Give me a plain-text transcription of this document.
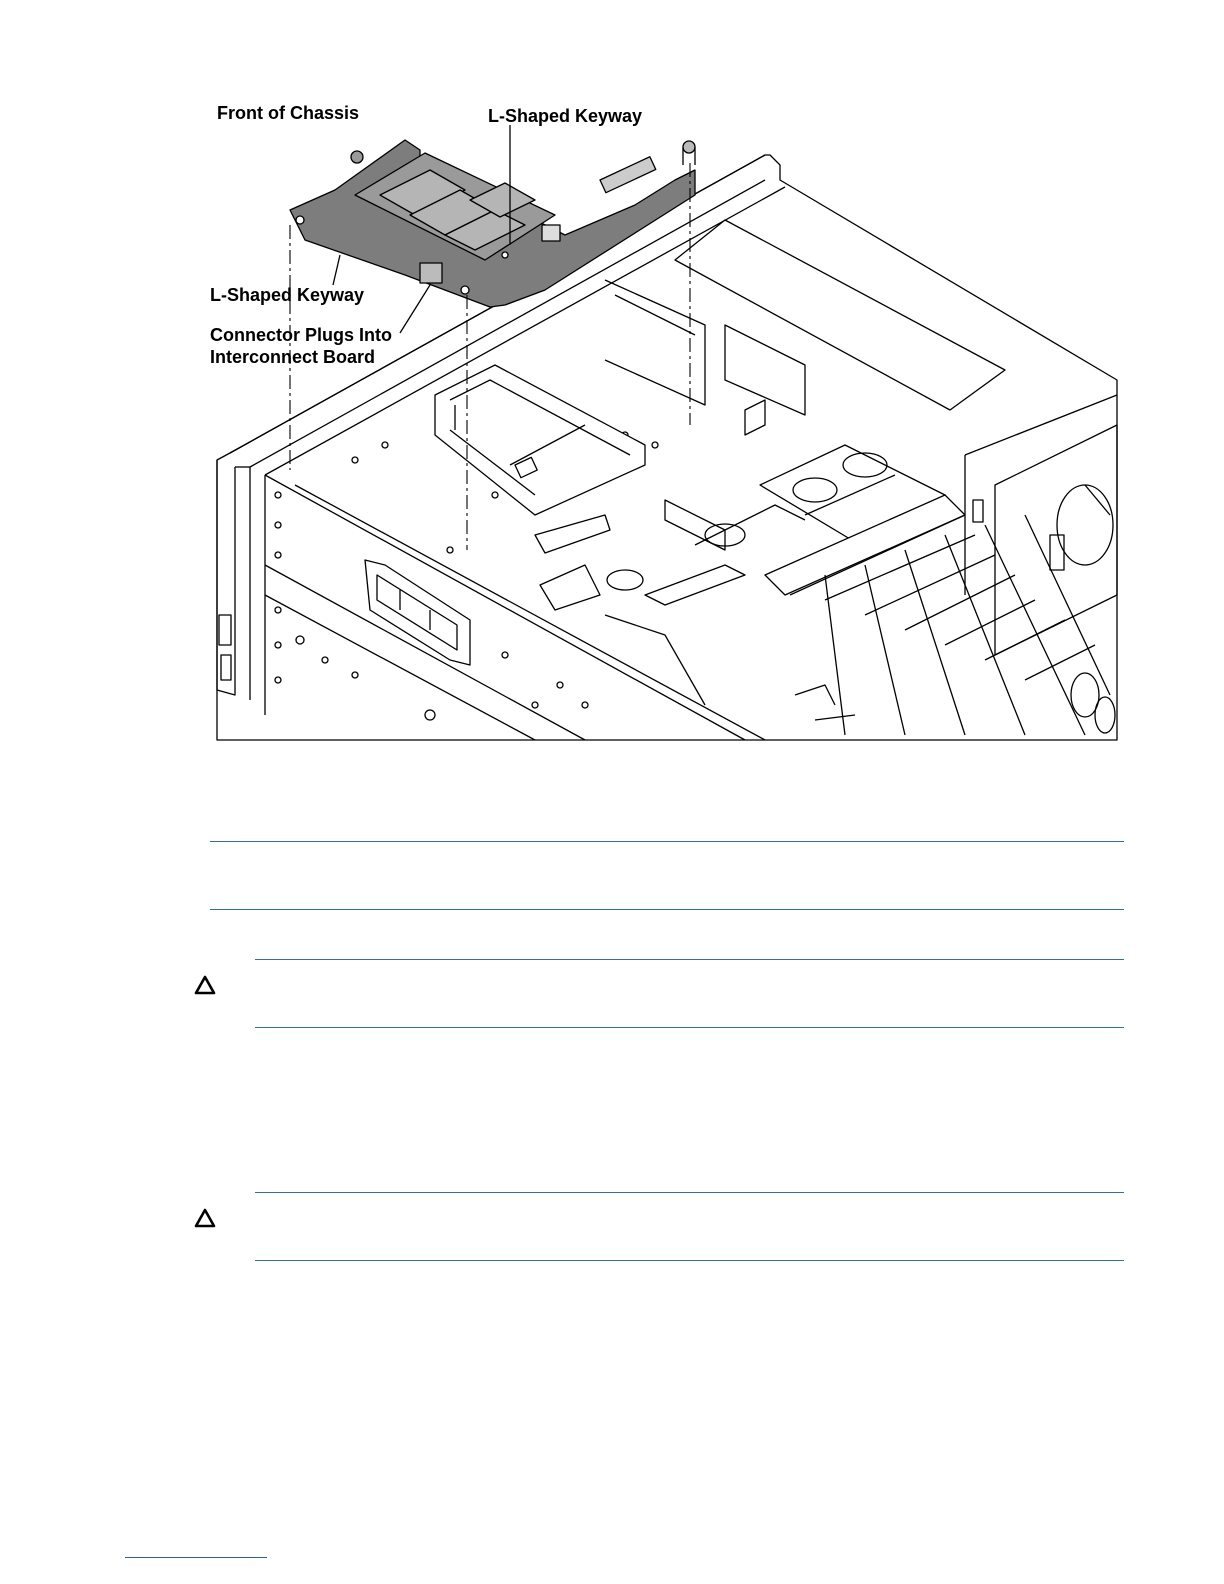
Front of Chassis	L-Shaped Keyway
L-Shaped Keyway
Connector Plugs Into
Interconnect Board
